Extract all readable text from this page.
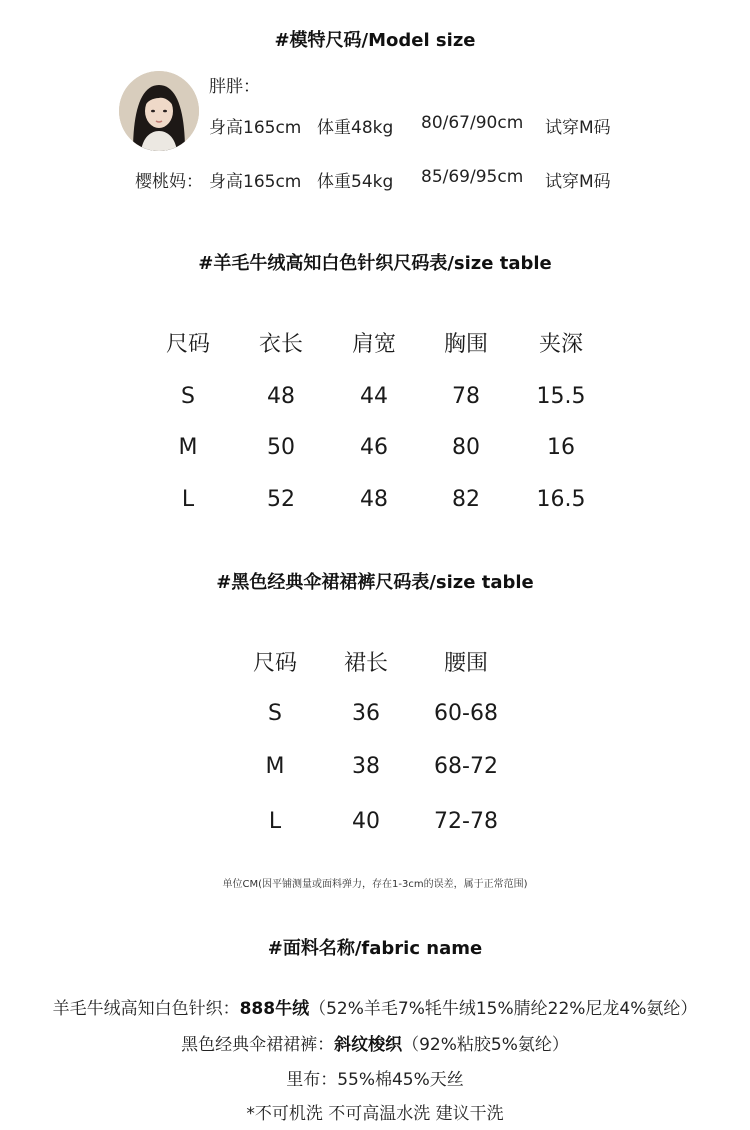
#模特尺码/Model size
胖胖：
身高165cm 体重48kg 80/67/90cm 试穿M码
樱桃妈： 身高165cm 体重54kg 85/69/95cm 试穿M码
#羊毛牛绒高知白色针织尺码表/size table
尺码	衣长	肩宽	胸围	夹深
S	48	44	78	15.5
M	50	46	80	16
L	52	48	82	16.5
#黑色经典伞裙裙裤尺码表/size table
尺码	裙长	腰围
S	36	60-68
M	38	68-72
L	40	72-78
单位CM(因平铺测量或面料弹力，存在1-3cm的误差，属于正常范围)
#面料名称/fabric name
羊毛牛绒高知白色针织：888牛绒（52%羊毛7%牦牛绒15%腈纶22%尼龙4%氨纶）
黑色经典伞裙裙裤：斜纹梭织（92%粘胶5%氨纶）
里布：55%棉45%天丝
*不可机洗 不可高温水洗 建议干洗
